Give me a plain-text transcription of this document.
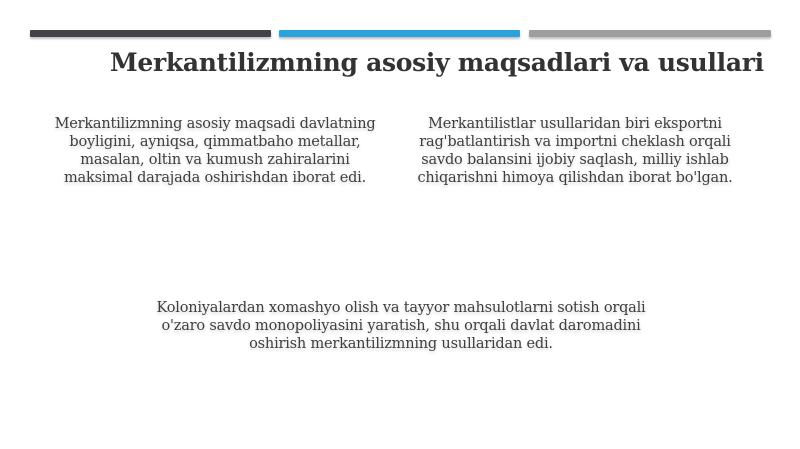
Merkantilizmning asosiy maqsadlari va usullari
Merkantilizmning asosiy maqsadi davlatning boyligini, ayniqsa, qimmatbaho metallar, masalan, oltin va kumush zahiralarini maksimal darajada oshirishdan iborat edi.
Merkantilistlar usullaridan biri eksportni rag'batlantirish va importni cheklash orqali savdo balansini ijobiy saqlash, milliy ishlab chiqarishni himoya qilishdan iborat bo'lgan.
Koloniyalardan xomashyo olish va tayyor mahsulotlarni sotish orqali o'zaro savdo monopoliyasini yaratish, shu orqali davlat daromadini oshirish merkantilizmning usullaridan edi.
